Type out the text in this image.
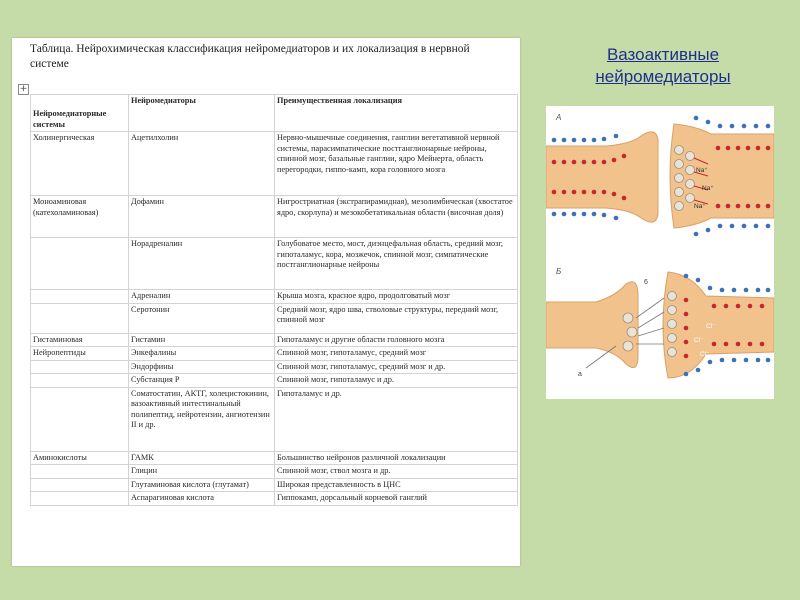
Таблица. Нейрохимическая классификация нейромедиаторов и их локализация в нервной системе
+
Нейромедиаторные системы	Нейромедиаторы	Преимущественная локализация
Холинергическая	Ацетилхолин	Нервно-мышечные соединения, ганглии вегетативной нервной системы, парасимпатические постганглионарные нейроны, спинной мозг, базальные ганглии, ядро Мейнерта, область перегородки, гиппо-камп, кора головного мозга
Моноаминовая (катехоламиновая)	Дофамин	Нигростриатная (экстрапирамидная), мезолимбическая (хвостатое ядро, скорлупа) и мезокобетатикальная области (височная доля)
	Норадреналин	Голубоватое место, мост, диэнцефальная область, средний мозг, гипоталамус, кора, мозжечок, спинной мозг, симпатические постганглионарные нейроны
	Адреналин	Крыша мозга, красное ядро, продолговатый мозг
	Серотонин	Средний мозг, ядро шва, стволовые структуры, передний мозг, спинной мозг
Гистаминовая	Гистамин	Гипоталамус и другие области головного мозга
Нейропептиды	Энкефалины	Спинной мозг, гипоталамус, средний мозг
	Эндорфины	Спинной мозг, гипоталамус, средний мозг и др.
	Субстанция Р	Спинной мозг, гипоталамус и др.
	Соматостатин, АКТГ, холецистокинин, вазоактивный интестинальный полипептид, нейротензин, ангиотензин II и др.	Гипоталамус и др.
Аминокислоты	ГАМК	Большинство нейронов различной локализации
	Глицин	Спинной мозг, ствол мозга и др.
	Глутаминовая кислота (глутамат)	Широкая представленность в ЦНС
	Аспарагиновая кислота	Гиппокамп, дорсальный корневой ганглий
Вазоактивные
нейромедиаторы
А
Na⁺
Na⁺
Na⁺
Б
6
а
Cl⁻
Cl⁻
Cl⁻
